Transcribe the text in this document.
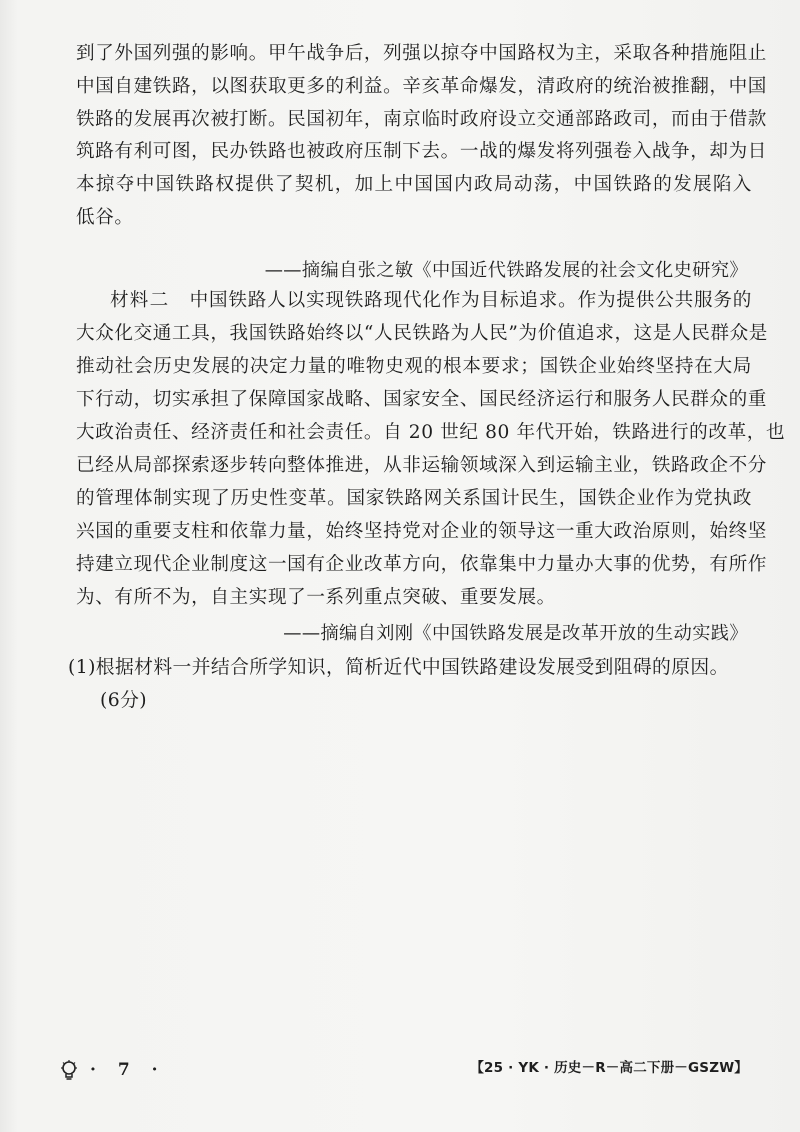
到了外国列强的影响。甲午战争后，列强以掠夺中国路权为主，采取各种措施阻止
中国自建铁路，以图获取更多的利益。辛亥革命爆发，清政府的统治被推翻，中国
铁路的发展再次被打断。民国初年，南京临时政府设立交通部路政司，而由于借款
筑路有利可图，民办铁路也被政府压制下去。一战的爆发将列强卷入战争，却为日
本掠夺中国铁路权提供了契机，加上中国国内政局动荡，中国铁路的发展陷入
低谷。
——摘编自张之敏《中国近代铁路发展的社会文化史研究》
材料二 中国铁路人以实现铁路现代化作为目标追求。作为提供公共服务的
大众化交通工具，我国铁路始终以“人民铁路为人民”为价值追求，这是人民群众是
推动社会历史发展的决定力量的唯物史观的根本要求；国铁企业始终坚持在大局
下行动，切实承担了保障国家战略、国家安全、国民经济运行和服务人民群众的重
大政治责任、经济责任和社会责任。自 20 世纪 80 年代开始，铁路进行的改革，也
已经从局部探索逐步转向整体推进，从非运输领域深入到运输主业，铁路政企不分
的管理体制实现了历史性变革。国家铁路网关系国计民生，国铁企业作为党执政
兴国的重要支柱和依靠力量，始终坚持党对企业的领导这一重大政治原则，始终坚
持建立现代企业制度这一国有企业改革方向，依靠集中力量办大事的优势，有所作
为、有所不为，自主实现了一系列重点突破、重要发展。
——摘编自刘刚《中国铁路发展是改革开放的生动实践》
(1)根据材料一并结合所学知识，简析近代中国铁路建设发展受到阻碍的原因。
(6分)
· 7 ·	【25 · YK · 历史－R－高二下册－GSZW】
